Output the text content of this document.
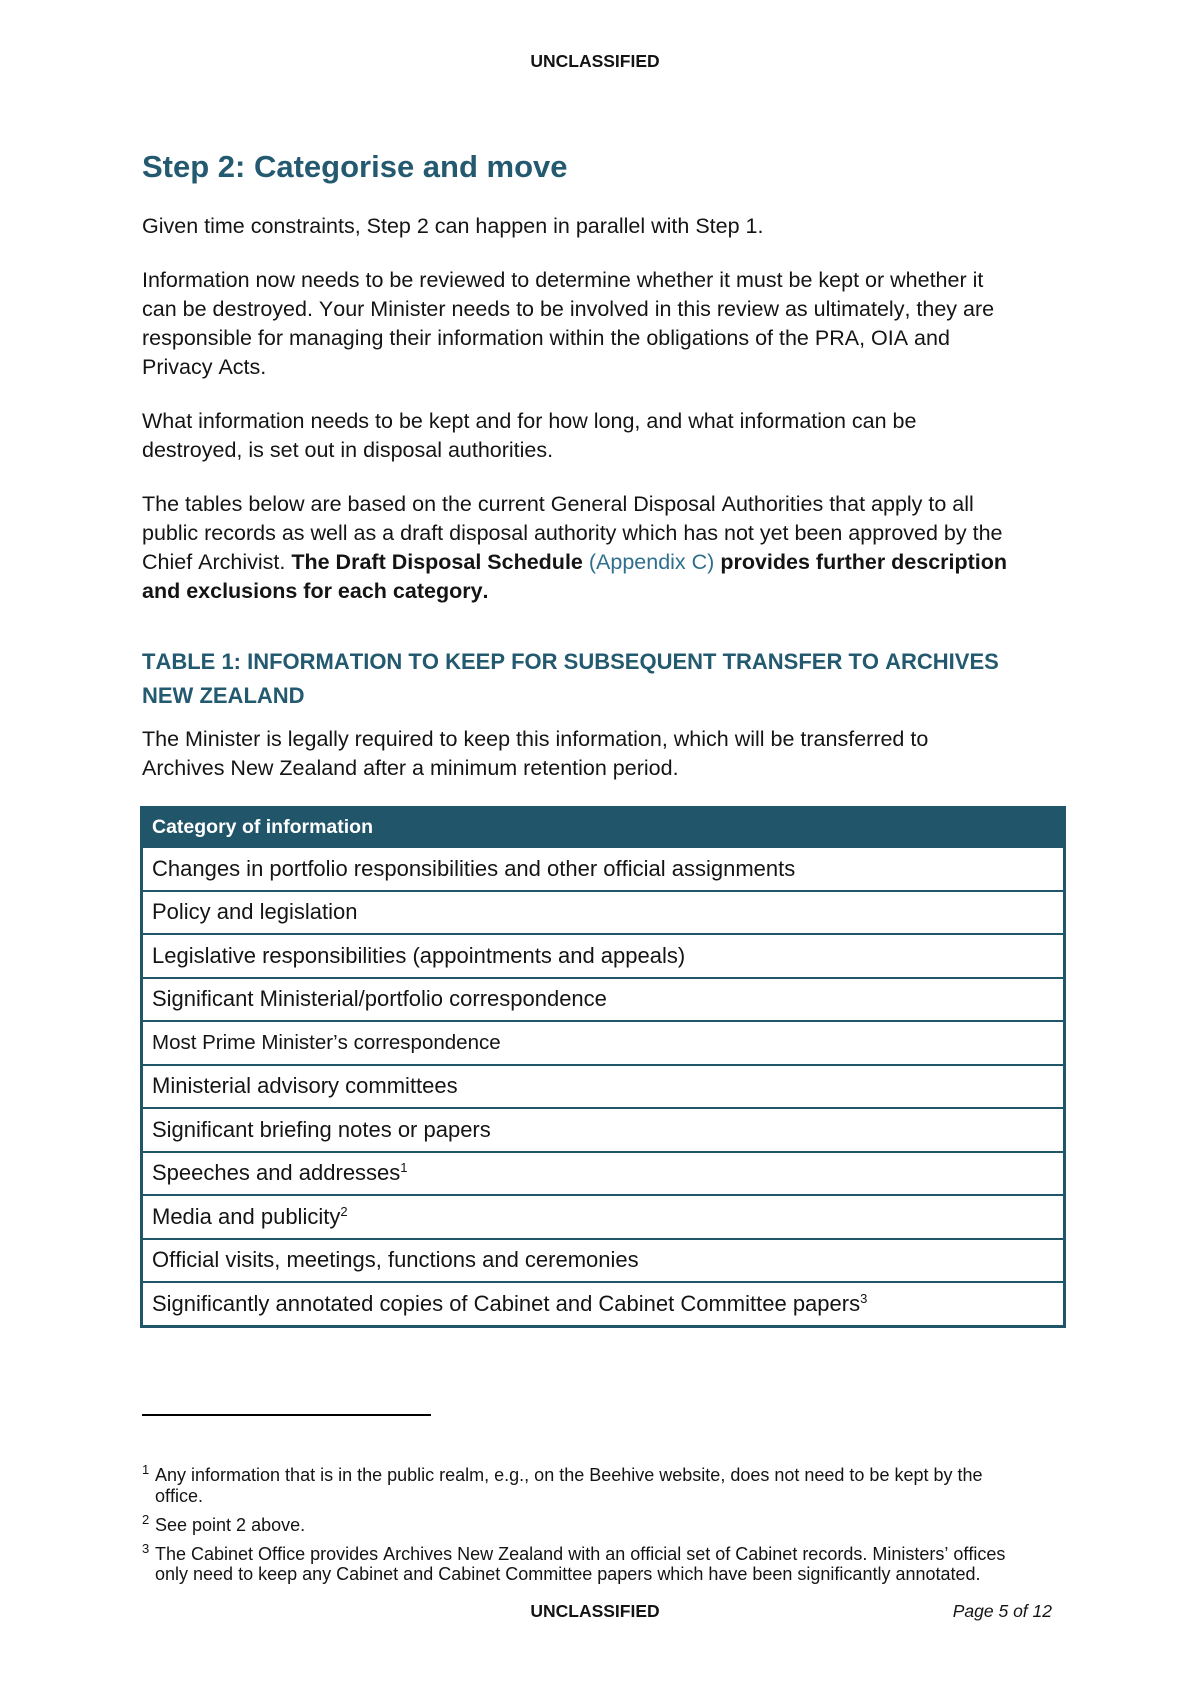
UNCLASSIFIED
Step 2: Categorise and move

Given time constraints, Step 2 can happen in parallel with Step 1.

Information now needs to be reviewed to determine whether it must be kept or whether it can be destroyed. Your Minister needs to be involved in this review as ultimately, they are responsible for managing their information within the obligations of the PRA, OIA and Privacy Acts.

What information needs to be kept and for how long, and what information can be destroyed, is set out in disposal authorities.

The tables below are based on the current General Disposal Authorities that apply to all public records as well as a draft disposal authority which has not yet been approved by the Chief Archivist. The Draft Disposal Schedule (Appendix C) provides further description and exclusions for each category.

TABLE 1: INFORMATION TO KEEP FOR SUBSEQUENT TRANSFER TO ARCHIVES NEW ZEALAND

The Minister is legally required to keep this information, which will be transferred to Archives New Zealand after a minimum retention period.

Category of information
Changes in portfolio responsibilities and other official assignments
Policy and legislation
Legislative responsibilities (appointments and appeals)
Significant Ministerial/portfolio correspondence
Most Prime Minister’s correspondence
Ministerial advisory committees
Significant briefing notes or papers
Speeches and addresses$^1$
Media and publicity$^2$
Official visits, meetings, functions and ceremonies
Significantly annotated copies of Cabinet and Cabinet Committee papers$^3$
1 Any information that is in the public realm, e.g., on the Beehive website, does not need to be kept by the office.
2 See point 2 above.
3 The Cabinet Office provides Archives New Zealand with an official set of Cabinet records. Ministers’ offices only need to keep any Cabinet and Cabinet Committee papers which have been significantly annotated.
UNCLASSIFIED	Page 5 of 12
